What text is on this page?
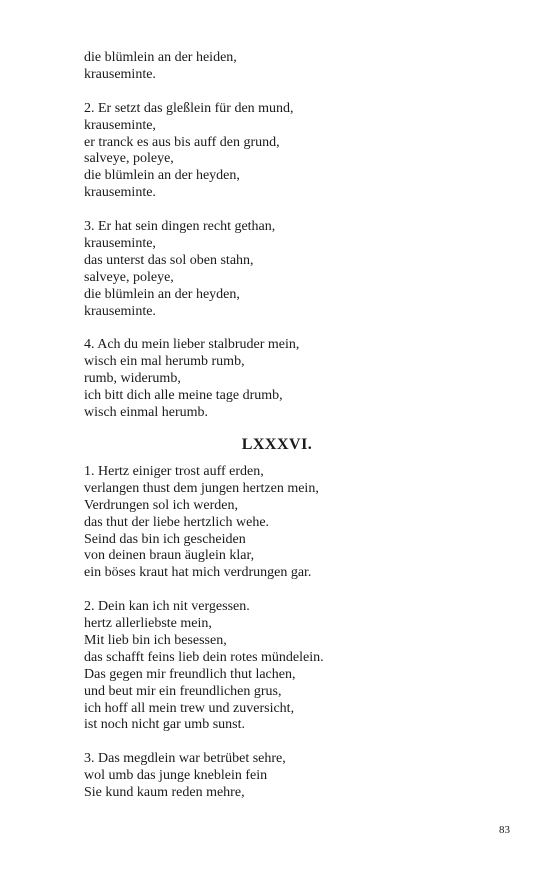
die blümlein an der heiden,
krauseminte.
2. Er setzt das gleßlein für den mund,
krauseminte,
er tranck es aus bis auff den grund,
salveye, poleye,
die blümlein an der heyden,
krauseminte.
3. Er hat sein dingen recht gethan,
krauseminte,
das unterst das sol oben stahn,
salveye, poleye,
die blümlein an der heyden,
krauseminte.
4. Ach du mein lieber stalbruder mein,
wisch ein mal herumb rumb,
rumb, widerumb,
ich bitt dich alle meine tage drumb,
wisch einmal herumb.
LXXXVI.
1. Hertz einiger trost auff erden,
verlangen thust dem jungen hertzen mein,
Verdrungen sol ich werden,
das thut der liebe hertzlich wehe.
Seind das bin ich gescheiden
von deinen braun äuglein klar,
ein böses kraut hat mich verdrungen gar.
2. Dein kan ich nit vergessen.
hertz allerliebste mein,
Mit lieb bin ich besessen,
das schafft feins lieb dein rotes mündelein.
Das gegen mir freundlich thut lachen,
und beut mir ein freundlichen grus,
ich hoff all mein trew und zuversicht,
ist noch nicht gar umb sunst.
3. Das megdlein war betrübet sehre,
wol umb das junge kneblein fein
Sie kund kaum reden mehre,
83
